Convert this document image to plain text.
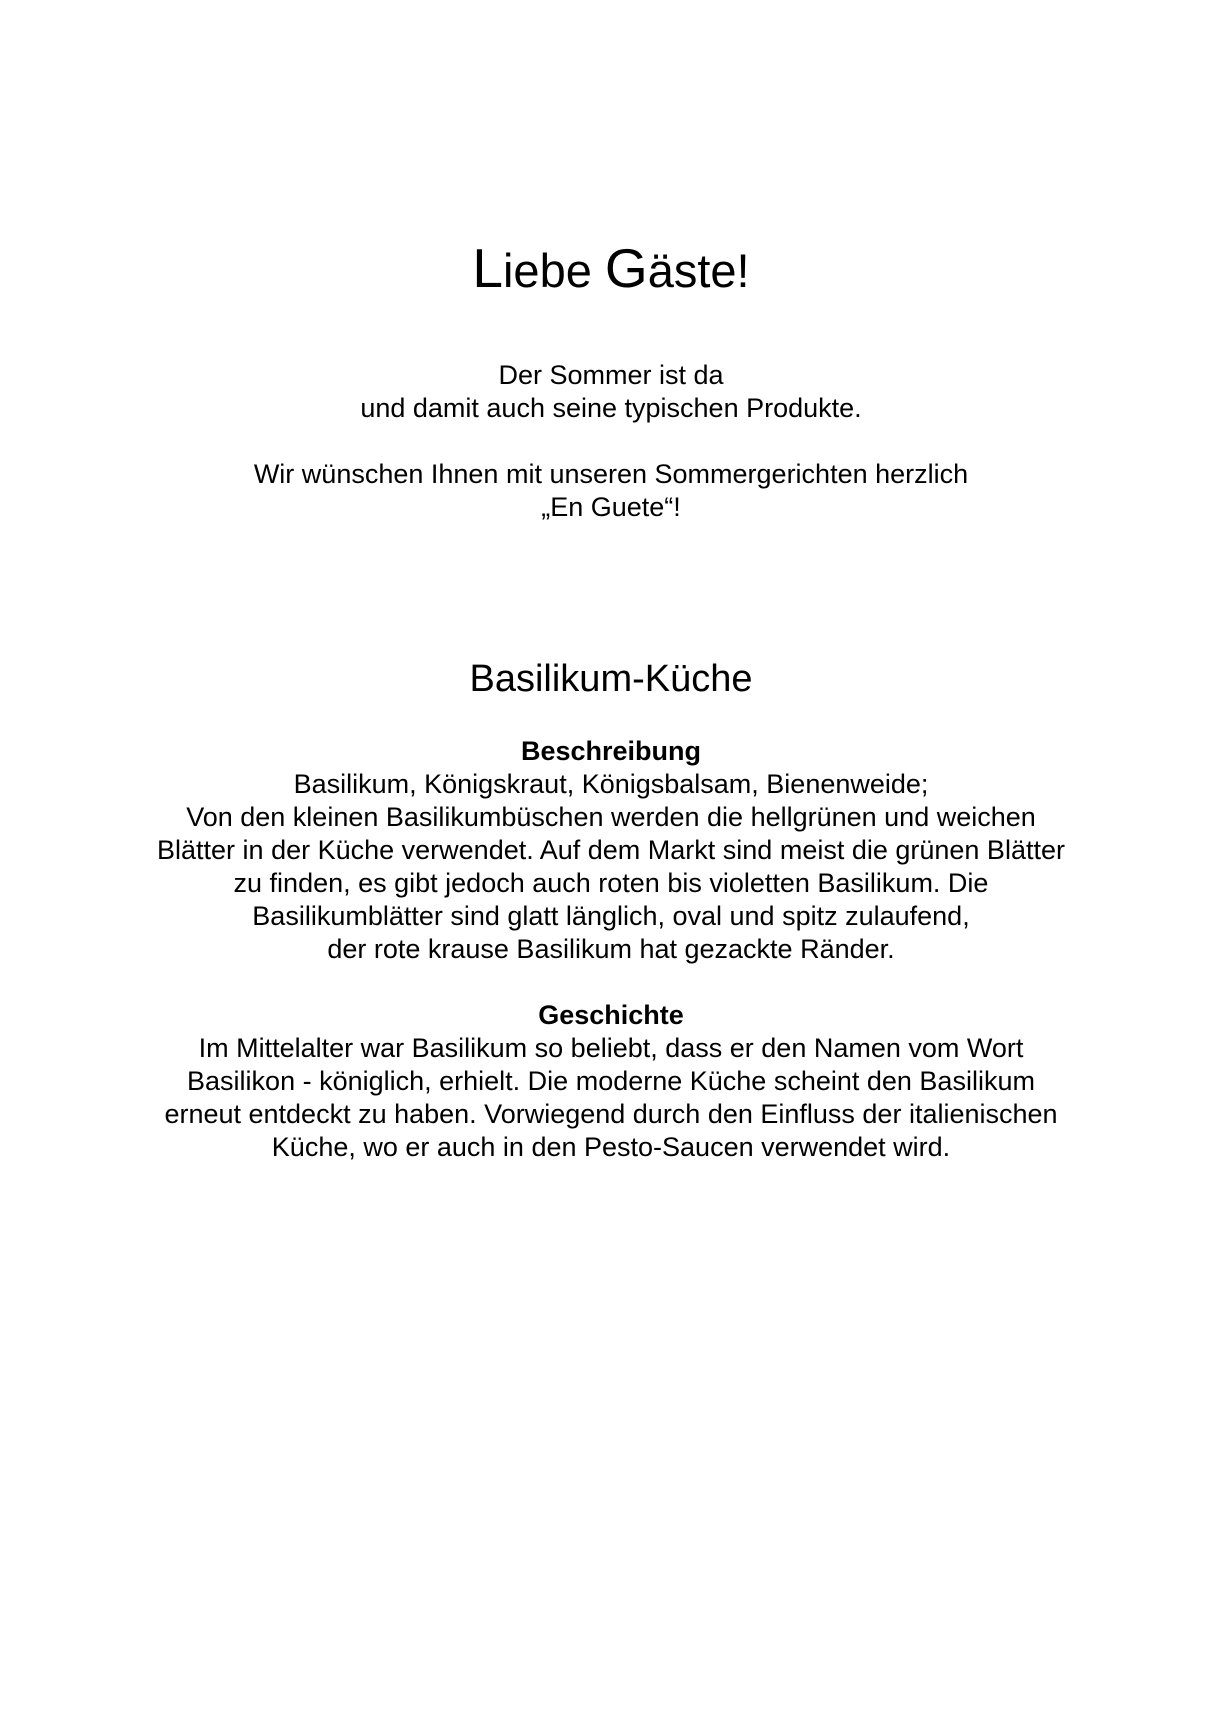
Liebe Gäste!

Der Sommer ist da

und damit auch seine typischen Produkte.

Wir wünschen Ihnen mit unseren Sommergerichten herzlich

„En Guete“!

Basilikum-Küche
Beschreibung

Basilikum, Königskraut, Königsbalsam, Bienenweide;

Von den kleinen Basilikumbüschen werden die hellgrünen und weichen

Blätter in der Küche verwendet. Auf dem Markt sind meist die grünen Blätter

zu finden, es gibt jedoch auch roten bis violetten Basilikum. Die

Basilikumblätter sind glatt länglich, oval und spitz zulaufend,

der rote krause Basilikum hat gezackte Ränder.

Geschichte

Im Mittelalter war Basilikum so beliebt, dass er den Namen vom Wort

Basilikon - königlich, erhielt. Die moderne Küche scheint den Basilikum

erneut entdeckt zu haben. Vorwiegend durch den Einfluss der italienischen

Küche, wo er auch in den Pesto-Saucen verwendet wird.
